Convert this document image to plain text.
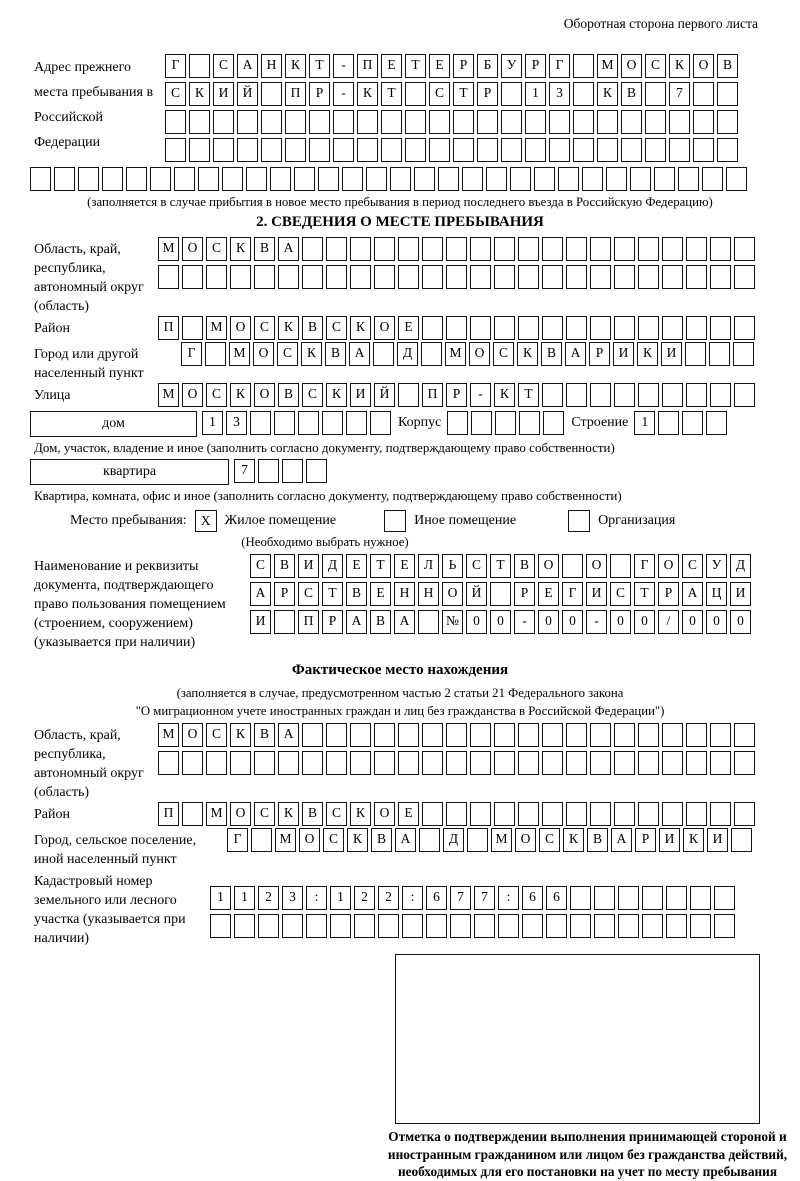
Оборотная сторона первого листа
Адрес прежнего места пребывания в Российской Федерации
Г	С А Н К Т - П Е Т Е Р Б У Р Г	М О С К О В
С К И Й	П Р - К Т	С Т Р	1 3	К В	7
(заполняется в случае прибытия в новое место пребывания в период последнего въезда в Российскую Федерацию)
2. СВЕДЕНИЯ О МЕСТЕ ПРЕБЫВАНИЯ
Область, край, республика, автономный округ (область)
М О С К В А
Район	П	М О С К В С К О Е
Город или другой населенный пункт
Г	М О С К В А	Д	М О С К В А Р И К И
Улица	М О С К О В С К И Й	П Р - К Т
дом	1 3	Корпус	Строение 1
Дом, участок, владение и иное (заполнить согласно документу, подтверждающему право собственности)
квартира	7
Квартира, комната, офис и иное (заполнить согласно документу, подтверждающему право собственности)
Место пребывания:	X	Жилое помещение	Иное помещение	Организация
(Необходимо выбрать нужное)
Наименование и реквизиты документа, подтверждающего право пользования помещением (строением, сооружением) (указывается при наличии)
С В И Д Е Т Е Л Ь С Т В О	О	Г О С У Д
А Р С Т В Е Н Н О Й	Р Е Г И С Т Р А Ц И
И	П Р А В А	№ 0 0 - 0 0 - 0 0 / 0 0 0
Фактическое место нахождения
(заполняется в случае, предусмотренном частью 2 статьи 21 Федерального закона
"О миграционном учете иностранных граждан и лиц без гражданства в Российской Федерации")
Область, край, республика, автономный округ (область)
М О С К В А
Район	П	М О С К В С К О Е
Город, сельское поселение, иной населенный пункт
Г	М О С К В А	Д	М О С К В А Р И К И
Кадастровый номер земельного или лесного участка (указывается при наличии)
1 1 2 3 : 1 2 2 : 6 7 7 : 6 6
Отметка о подтверждении выполнения принимающей стороной и иностранным гражданином или лицом без гражданства действий, необходимых для его постановки на учет по месту пребывания
